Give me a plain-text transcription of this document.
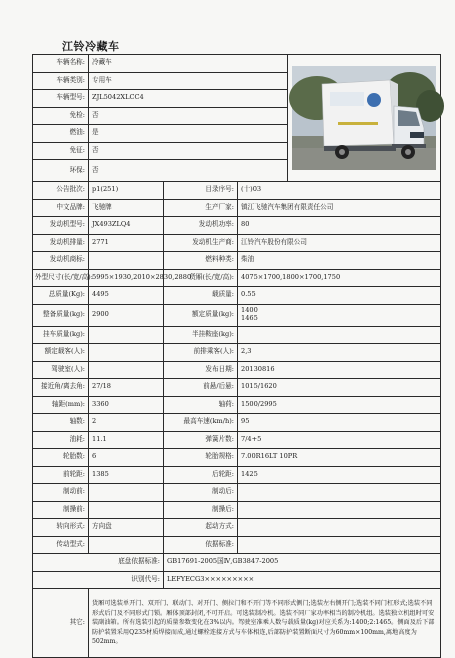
江铃冷藏车
车辆名称:	冷藏车	

车辆类别:	专用车			
车辆型号:	ZJL5042XLCC4			
免检:	否			
燃油:	是			
免征:	否			
环保:	否			
公告批次:	p1(251)	目录序号:	(十)03	
中文品牌:	飞驰牌	生产厂家:	镇江飞驰汽车集团有限责任公司	
发动机型号:	JX493ZLQ4	发动机功率:	80	
发动机排量:	2771	发动机生产商:	江铃汽车股份有限公司	
发动机商标:		燃料种类:	柴油	
外型尺寸(长/宽/高):	5995×1930,2010×2830,2880	货厢(长/宽/高):	4075×1700,1800×1700,1750	
总质量(Kg):	4495	载质量:	0.55	
整备质量(kg):	2900	额定质量(kg):	1400
1465	

挂车质量(kg):		半挂鞍座(kg):		
额定载客(人):		前排乘客(人):	2,3	
驾驶室(人):		发布日期:	20130816	
接近角/离去角:	27/18	前悬/后悬:	1015/1620	
轴距(mm):	3360	轴荷:	1500/2995	
轴数:	2	最高车速(km/h):	95	
油耗:	11.1	弹簧片数:	7/4+5	
轮胎数:	6	轮胎规格:	7.00R16LT 10PR	
前轮距:	1385	后轮距:	1425	
制动前:		制动后:		
制操前:		制操后:		
转向形式:	方向盘	起动方式:		
传动型式:		依据标准:		
底盘依据标准:		GB17691-2005国Ⅳ,GB3847-2005		
识别代号:		LEFYECG3×××××××××		
其它:	货厢可选装单开门、双开门、联动门、对开门、侧拉门和不开门等不同形式侧门;选装左右侧开门;选装不同门杠形式;选装不同形式后门及不同形式门锁。厢体顶部封闭,不可开启。可选装制冷机。选装不同厂家功率相当的制冷机组。选装独立机组时可安装副油箱。所有选装引起的质量参数变化在3%以内。驾驶室准乘人数与载质量(kg)对应关系为:1400;2:1465。侧面及后下部防护装置采用Q235材质焊接而成,通过螺栓连接方式与车体相连,后部防护装置断面尺寸为60mm×100mm,离地高度为502mm。			
